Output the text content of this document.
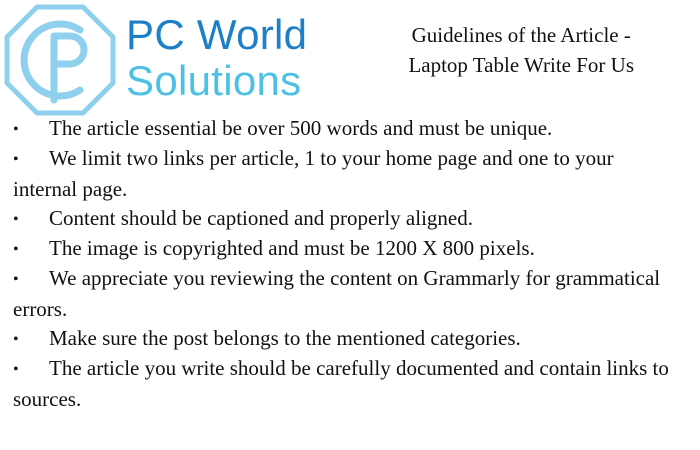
PC World
Solutions
Guidelines of the Article -
Laptop Table Write For Us
• The article essential be over 500 words and must be unique.
• We limit two links per article, 1 to your home page and one to your internal page.
• Content should be captioned and properly aligned.
• The image is copyrighted and must be 1200 X 800 pixels.
• We appreciate you reviewing the content on Grammarly for grammatical errors.
• Make sure the post belongs to the mentioned categories.
• The article you write should be carefully documented and contain links to sources.
